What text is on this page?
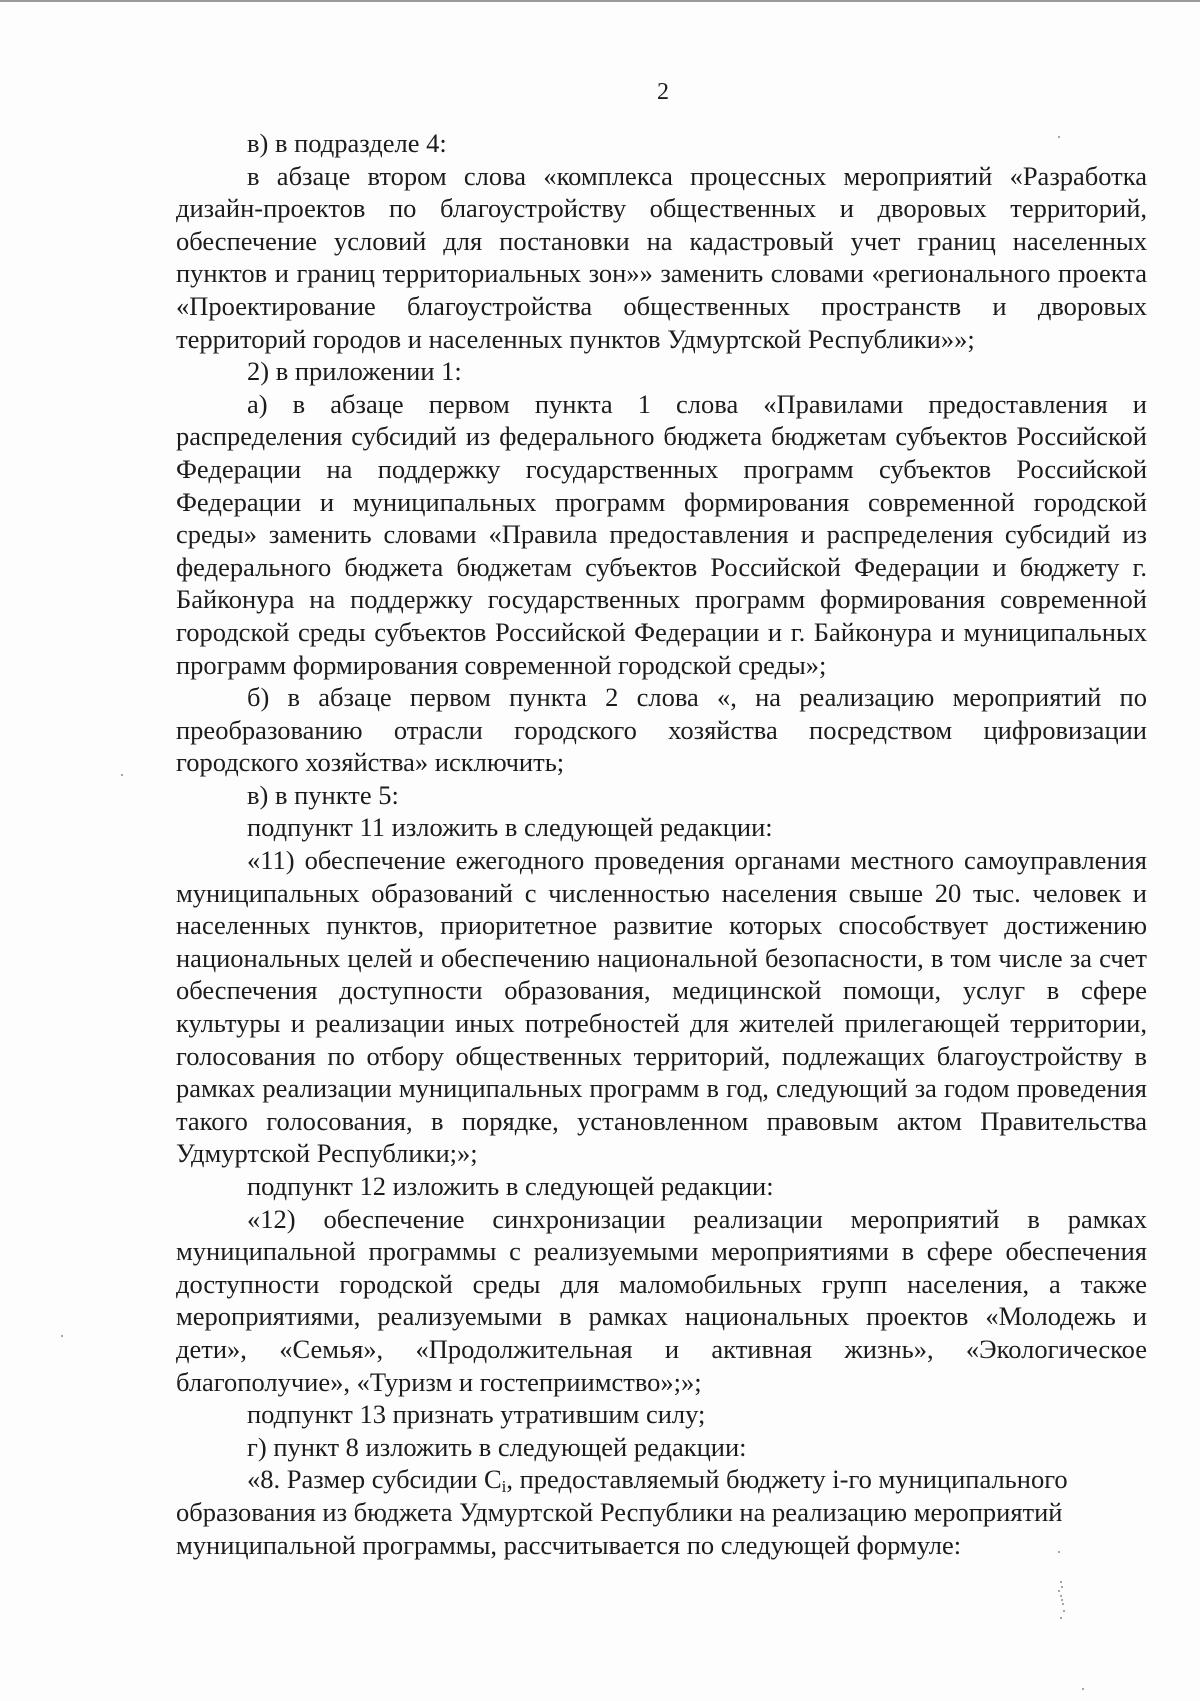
2

в) в подразделе 4:

в абзаце втором слова «комплекса процессных мероприятий «Разработка дизайн-проектов по благоустройству общественных и дворовых территорий, обеспечение условий для постановки на кадастровый учет границ населенных пунктов и границ территориальных зон»» заменить словами «регионального проекта «Проектирование благоустройства общественных пространств и дворовых территорий городов и населенных пунктов Удмуртской Республики»»;

2) в приложении 1:

а) в абзаце первом пункта 1 слова «Правилами предоставления и распределения субсидий из федерального бюджета бюджетам субъектов Российской Федерации на поддержку государственных программ субъектов Российской Федерации и муниципальных программ формирования современной городской среды» заменить словами «Правила предоставления и распределения субсидий из федерального бюджета бюджетам субъектов Российской Федерации и бюджету г. Байконура на поддержку государственных программ формирования современной городской среды субъектов Российской Федерации и г. Байконура и муниципальных программ формирования современной городской среды»;

б) в абзаце первом пункта 2 слова «, на реализацию мероприятий по преобразованию отрасли городского хозяйства посредством цифровизации городского хозяйства» исключить;

в) в пункте 5:

подпункт 11 изложить в следующей редакции:

«11) обеспечение ежегодного проведения органами местного самоуправления муниципальных образований с численностью населения свыше 20 тыс. человек и населенных пунктов, приоритетное развитие которых способствует достижению национальных целей и обеспечению национальной безопасности, в том числе за счет обеспечения доступности образования, медицинской помощи, услуг в сфере культуры и реализации иных потребностей для жителей прилегающей территории, голосования по отбору общественных территорий, подлежащих благоустройству в рамках реализации муниципальных программ в год, следующий за годом проведения такого голосования, в порядке, установленном правовым актом Правительства Удмуртской Республики;»;

подпункт 12 изложить в следующей редакции:

«12) обеспечение синхронизации реализации мероприятий в рамках муниципальной программы с реализуемыми мероприятиями в сфере обеспечения доступности городской среды для маломобильных групп населения, а также мероприятиями, реализуемыми в рамках национальных проектов «Молодежь и дети», «Семья», «Продолжительная и активная жизнь», «Экологическое благополучие», «Туризм и гостеприимство»;»;

подпункт 13 признать утратившим силу;

г) пункт 8 изложить в следующей редакции:

«8. Размер субсидии $С_i$, предоставляемый бюджету i-го муниципального образования из бюджета Удмуртской Республики на реализацию мероприятий муниципальной программы, рассчитывается по следующей формуле:
